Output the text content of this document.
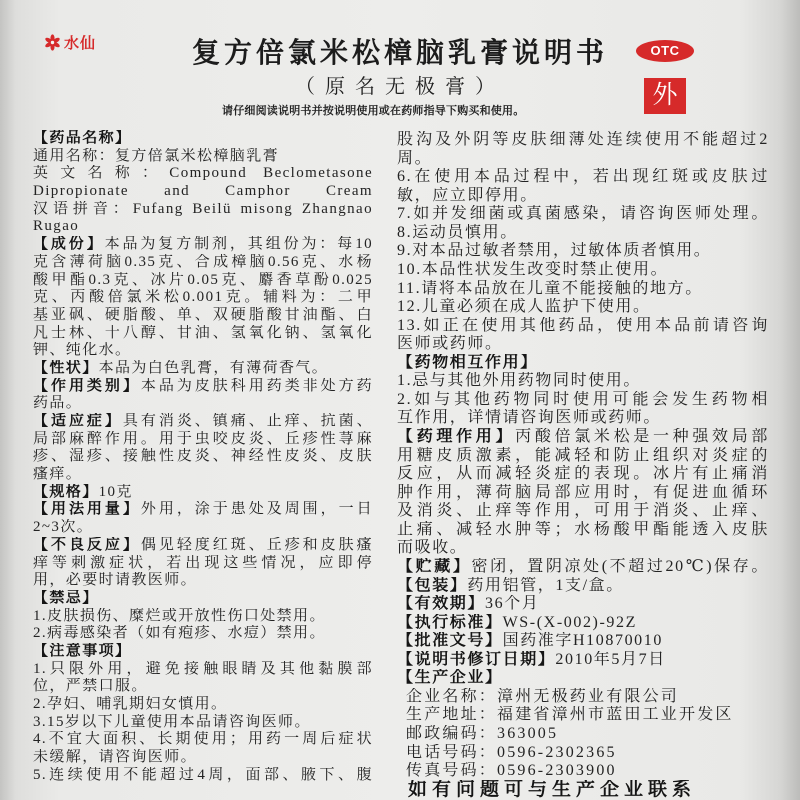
水仙	复方倍氯米松樟脑乳膏说明书
（原名无极膏）
请仔细阅读说明书并按说明使用或在药师指导下购买和使用。
OTC
外
【药品名称】
通用名称：复方倍氯米松樟脑乳膏
英文名称：Compound Beclometasone
Dipropionate and Camphor Cream
汉语拼音：Fufang Beilü misong Zhangnao
Rugao
【成份】本品为复方制剂，其组份为：每10
克含薄荷脑0.35克、合成樟脑0.56克、水杨
酸甲酯0.3克、冰片0.05克、麝香草酚0.025
克、丙酸倍氯米松0.001克。辅料为：二甲
基亚砜、硬脂酸、单、双硬脂酸甘油酯、白
凡士林、十八醇、甘油、氢氧化钠、氢氧化
钾、纯化水。
【性状】本品为白色乳膏，有薄荷香气。
【作用类别】本品为皮肤科用药类非处方药
药品。
【适应症】具有消炎、镇痛、止痒、抗菌、
局部麻醉作用。用于虫咬皮炎、丘疹性荨麻
疹、湿疹、接触性皮炎、神经性皮炎、皮肤
瘙痒。
【规格】10克
【用法用量】外用，涂于患处及周围，一日
2~3次。
【不良反应】偶见轻度红斑、丘疹和皮肤瘙
痒等刺激症状，若出现这些情况，应即停
用，必要时请教医师。
【禁忌】
1.皮肤损伤、糜烂或开放性伤口处禁用。
2.病毒感染者（如有疱疹、水痘）禁用。
【注意事项】
1.只限外用，避免接触眼睛及其他黏膜部
位，严禁口服。
2.孕妇、哺乳期妇女慎用。
3.15岁以下儿童使用本品请咨询医师。
4.不宜大面积、长期使用；用药一周后症状
未缓解，请咨询医师。
5.连续使用不能超过4周，面部、腋下、腹
股沟及外阴等皮肤细薄处连续使用不能超过2
周。
6.在使用本品过程中，若出现红斑或皮肤过
敏，应立即停用。
7.如并发细菌或真菌感染，请咨询医师处理。
8.运动员慎用。
9.对本品过敏者禁用，过敏体质者慎用。
10.本品性状发生改变时禁止使用。
11.请将本品放在儿童不能接触的地方。
12.儿童必须在成人监护下使用。
13.如正在使用其他药品，使用本品前请咨询
医师或药师。
【药物相互作用】
1.忌与其他外用药物同时使用。
2.如与其他药物同时使用可能会发生药物相
互作用，详情请咨询医师或药师。
【药理作用】丙酸倍氯米松是一种强效局部
用糖皮质激素，能减轻和防止组织对炎症的
反应，从而减轻炎症的表现。冰片有止痛消
肿作用，薄荷脑局部应用时，有促进血循环
及消炎、止痒等作用，可用于消炎、止痒、
止痛、减轻水肿等；水杨酸甲酯能透入皮肤
而吸收。
【贮藏】密闭，置阴凉处(不超过20℃)保存。
【包装】药用铝管，1支/盒。
【有效期】36个月
【执行标准】WS-(X-002)-92Z
【批准文号】国药准字H10870010
【说明书修订日期】2010年5月7日
【生产企业】
企业名称：漳州无极药业有限公司
生产地址：福建省漳州市蓝田工业开发区
邮政编码：363005
电话号码：0596-2302365
传真号码：0596-2303900
如有问题可与生产企业联系
